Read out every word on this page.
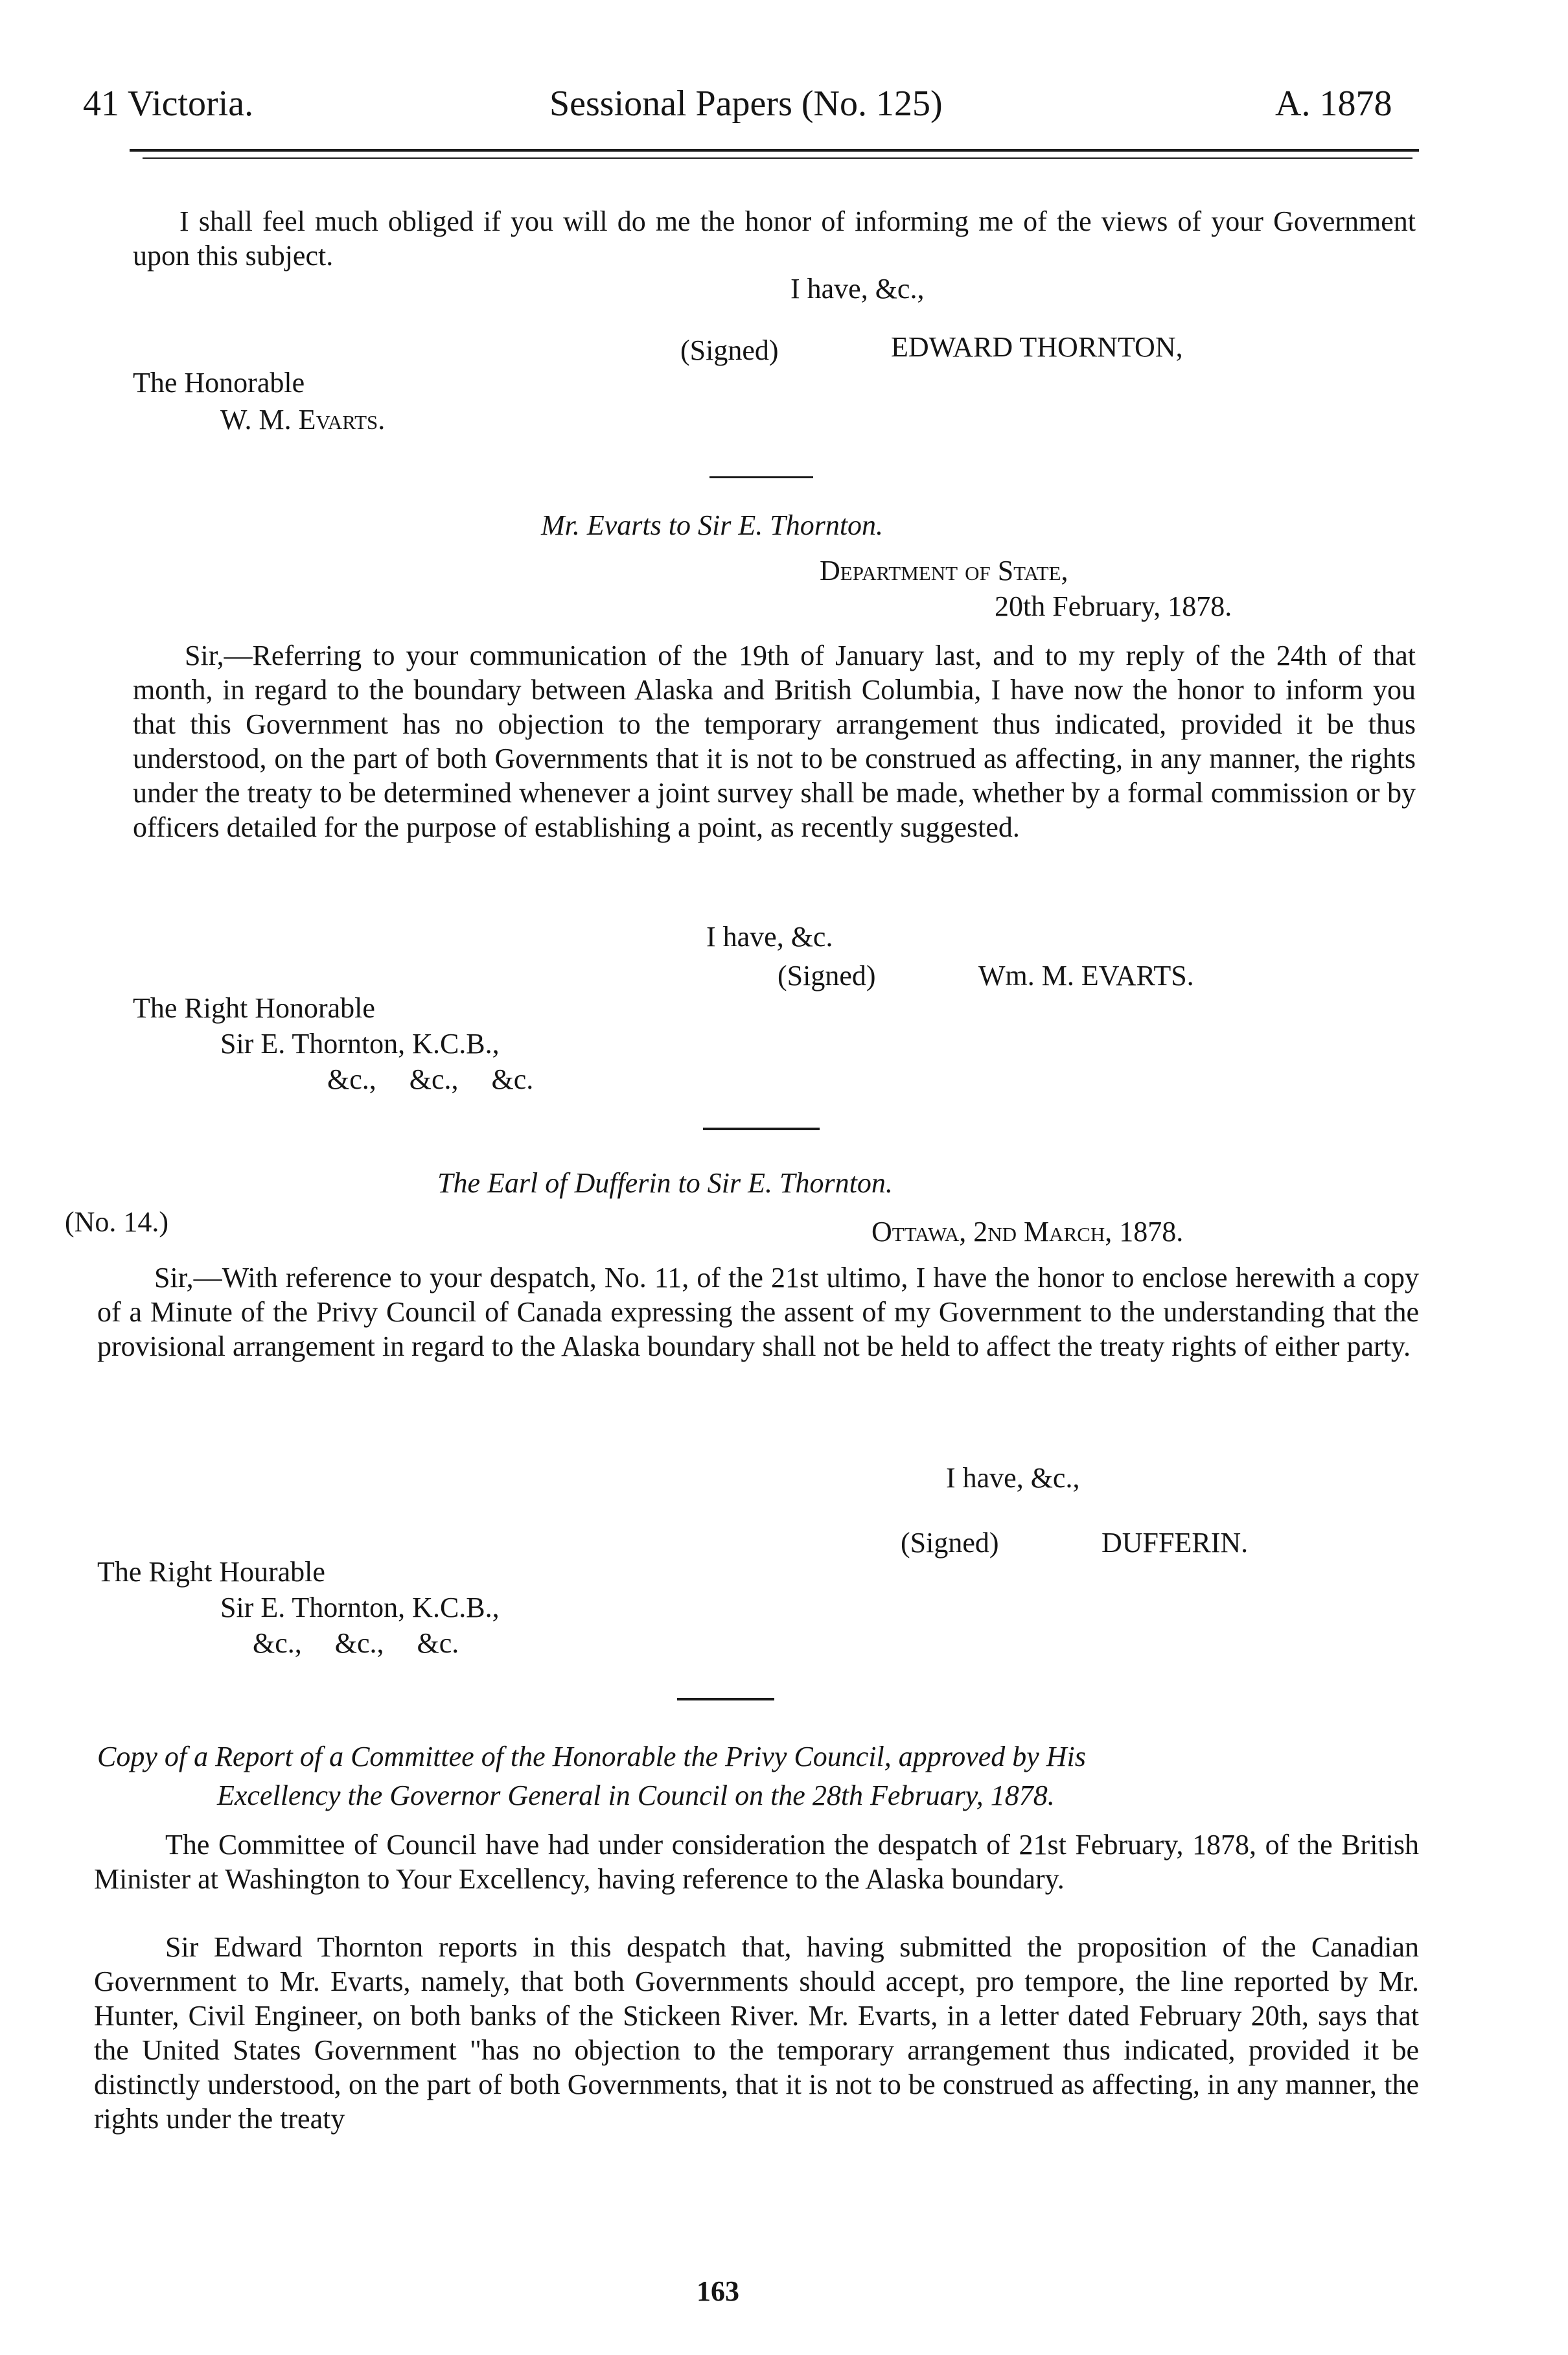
41 Victoria.	Sessional Papers (No. 125)	A. 1878
I shall feel much obliged if you will do me the honor of informing me of the views of your Government upon this subject.
I have, &c.,
(Signed)	EDWARD THORNTON,
The Honorable
W. M. Evarts.
Mr. Evarts to Sir E. Thornton.
Department of State,
20th February, 1878.
Sir,—Referring to your communication of the 19th of January last, and to my reply of the 24th of that month, in regard to the boundary between Alaska and British Columbia, I have now the honor to inform you that this Government has no objection to the temporary arrangement thus indicated, provided it be thus understood, on the part of both Governments that it is not to be construed as affecting, in any manner, the rights under the treaty to be determined whenever a joint survey shall be made, whether by a formal commission or by officers detailed for the purpose of establishing a point, as recently suggested.
I have, &c.
(Signed)	Wm. M. EVARTS.
The Right Honorable
Sir E. Thornton, K.C.B.,
&c., &c., &c.
The Earl of Dufferin to Sir E. Thornton.
(No. 14.)	Ottawa, 2nd March, 1878.
Sir,—With reference to your despatch, No. 11, of the 21st ultimo, I have the honor to enclose herewith a copy of a Minute of the Privy Council of Canada expressing the assent of my Government to the understanding that the provisional arrangement in regard to the Alaska boundary shall not be held to affect the treaty rights of either party.
I have, &c.,
(Signed)	DUFFERIN.
The Right Hourable
Sir E. Thornton, K.C.B.,
&c., &c., &c.
Copy of a Report of a Committee of the Honorable the Privy Council, approved by His
Excellency the Governor General in Council on the 28th February, 1878.
The Committee of Council have had under consideration the despatch of 21st February, 1878, of the British Minister at Washington to Your Excellency, having reference to the Alaska boundary.
Sir Edward Thornton reports in this despatch that, having submitted the proposition of the Canadian Government to Mr. Evarts, namely, that both Governments should accept, pro tempore, the line reported by Mr. Hunter, Civil Engineer, on both banks of the Stickeen River. Mr. Evarts, in a letter dated February 20th, says that the United States Government "has no objection to the temporary arrangement thus indicated, provided it be distinctly understood, on the part of both Governments, that it is not to be construed as affecting, in any manner, the rights under the treaty
163
